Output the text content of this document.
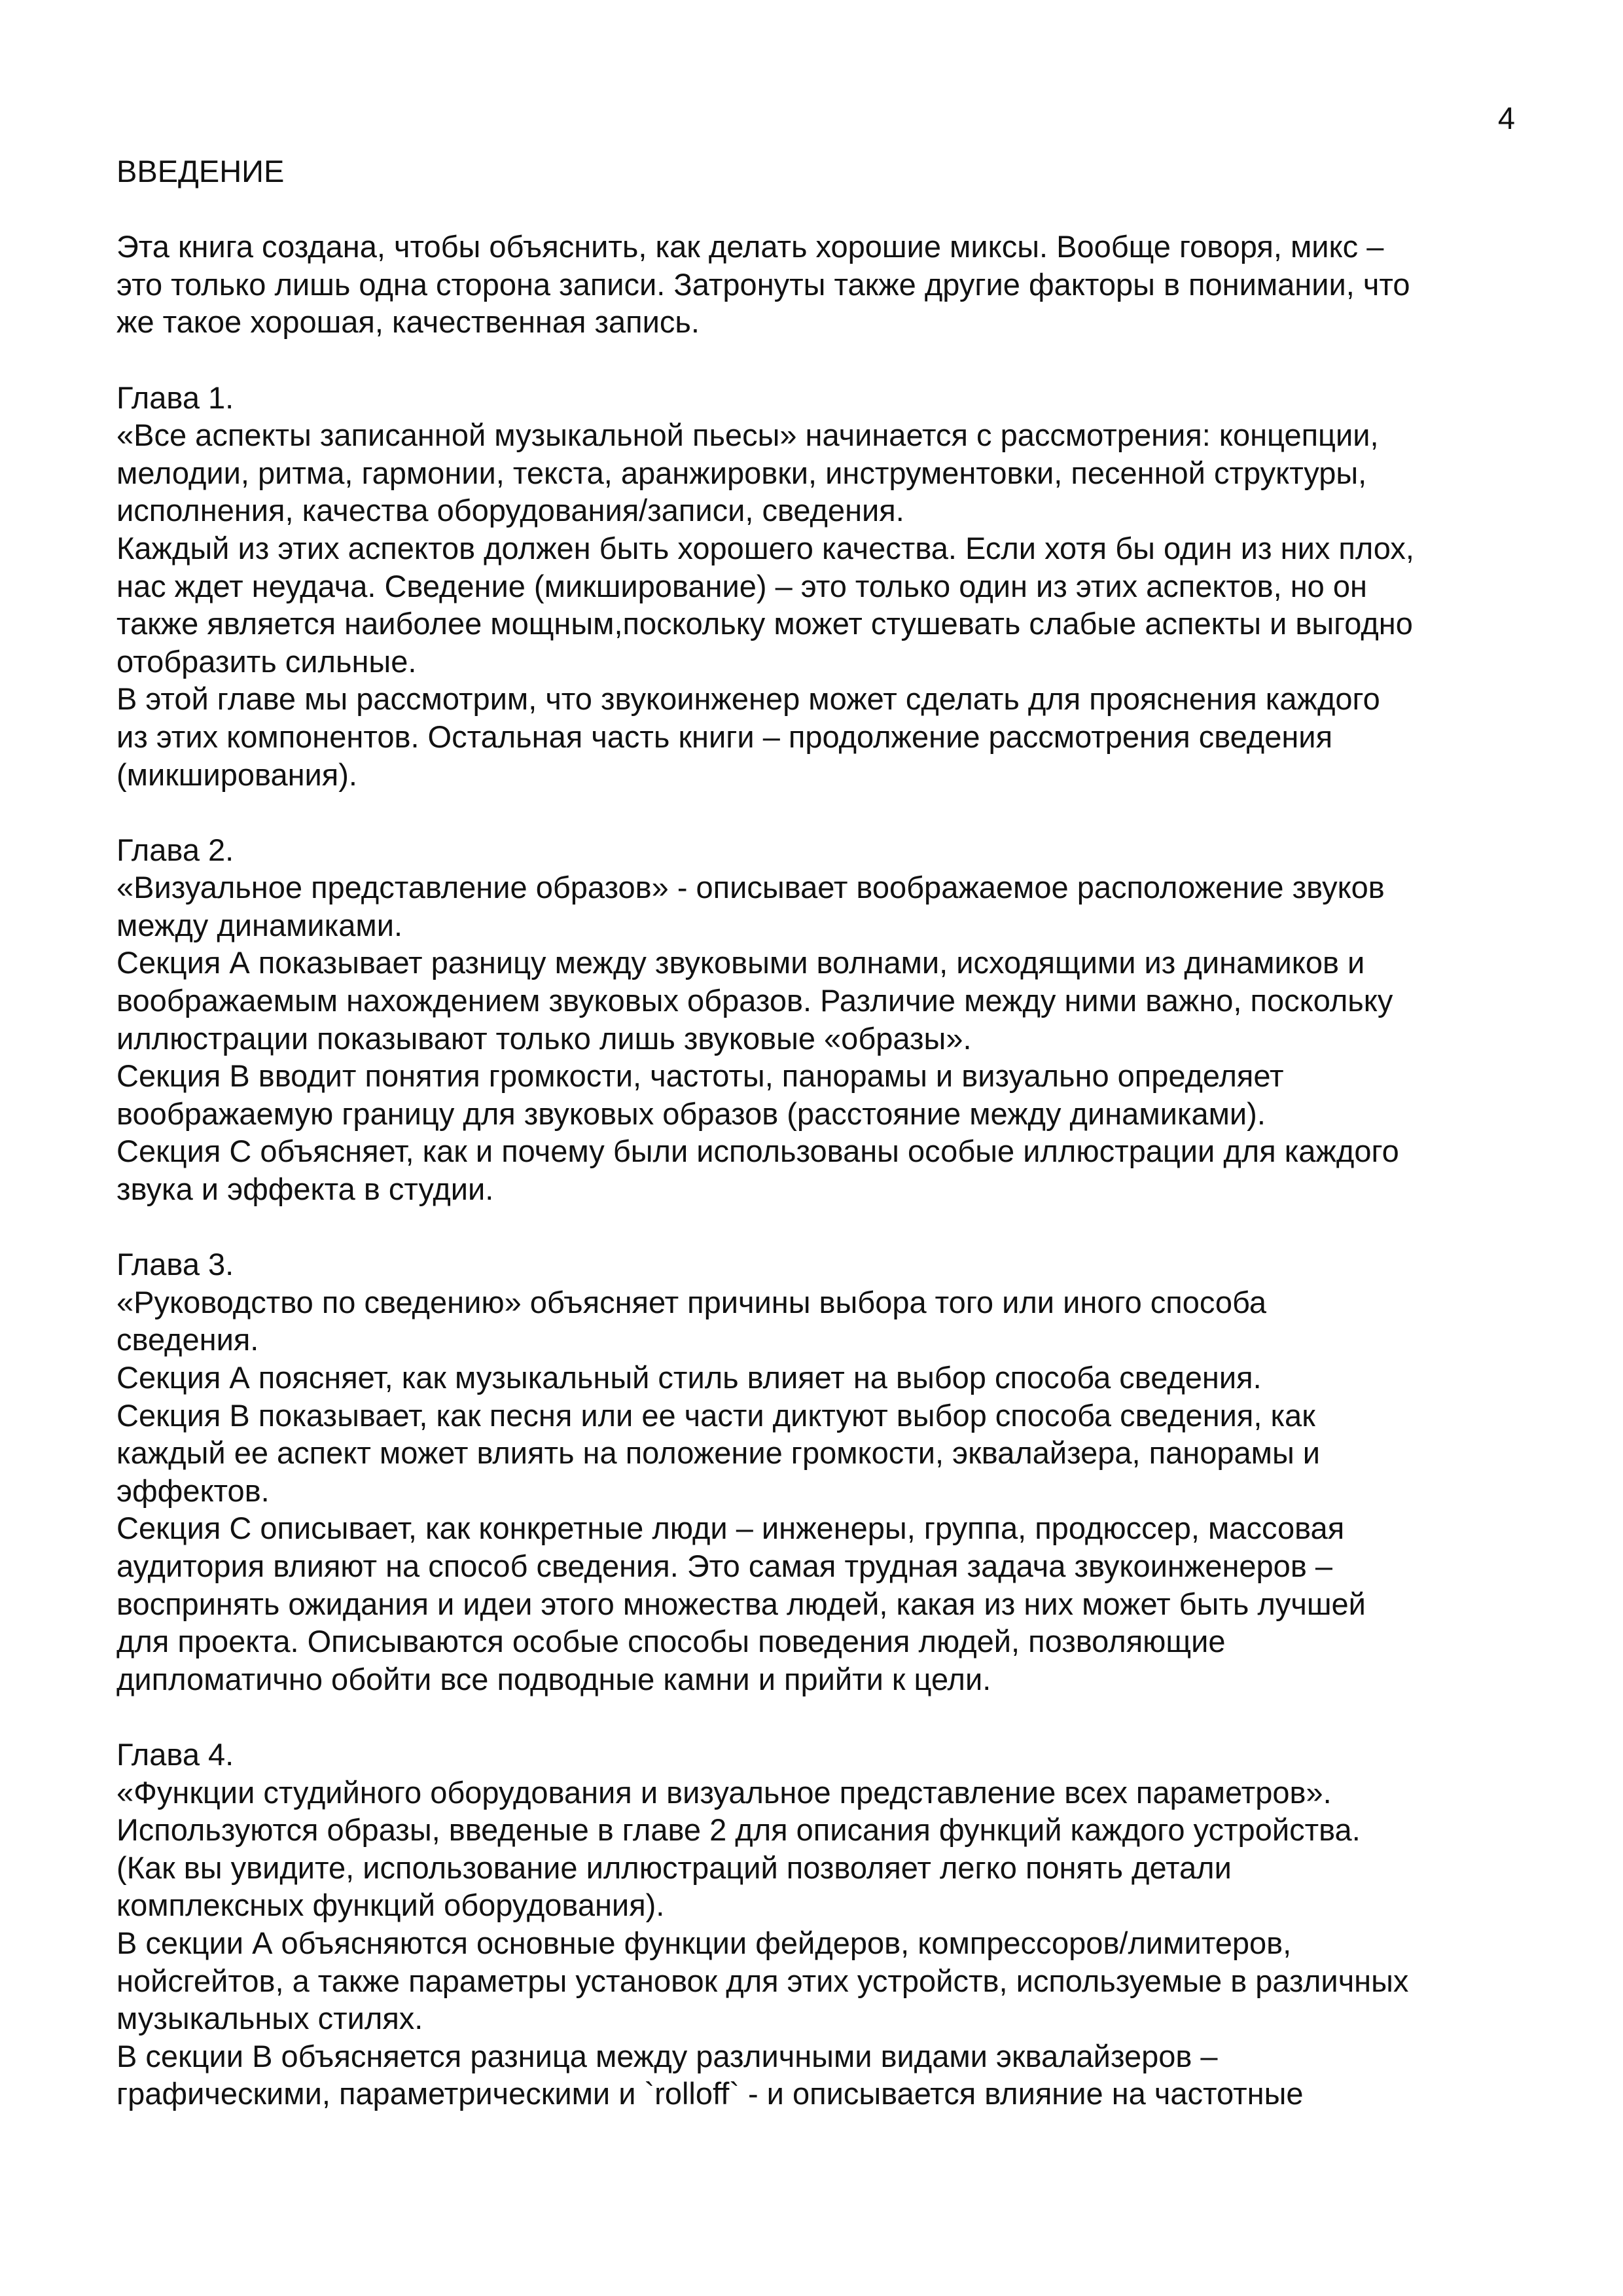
4
ВВЕДЕНИЕ
Эта книга создана, чтобы объяснить, как делать хорошие миксы. Вообще говоря, микс –
это только лишь одна сторона записи. Затронуты также другие факторы в понимании, что
же такое хорошая, качественная запись.
Глава 1.
«Все аспекты записанной музыкальной пьесы» начинается с рассмотрения: концепции,
мелодии, ритма, гармонии, текста, аранжировки, инструментовки, песенной структуры,
исполнения, качества оборудования/записи, сведения.
Каждый из этих аспектов должен быть хорошего качества. Если хотя бы один из них плох,
нас ждет неудача. Сведение (микширование) – это только один из этих аспектов, но он
также является наиболее мощным,поскольку может стушевать слабые аспекты и выгодно
отобразить сильные.
В этой главе мы рассмотрим, что звукоинженер может сделать для прояснения каждого
из этих компонентов. Остальная часть книги – продолжение рассмотрения сведения
(микширования).
Глава 2.
«Визуальное представление образов» - описывает воображаемое расположение звуков
между динамиками.
Секция А показывает разницу между звуковыми волнами, исходящими из динамиков и
воображаемым нахождением звуковых образов. Различие между ними важно, поскольку
иллюстрации показывают только лишь звуковые «образы».
Секция В вводит понятия громкости, частоты, панорамы и визуально определяет
воображаемую границу для звуковых образов (расстояние между динамиками).
Секция С объясняет, как и почему были использованы особые иллюстрации для каждого
звука и эффекта в студии.
Глава 3.
«Руководство по сведению» объясняет причины выбора того или иного способа
сведения.
Секция А поясняет, как музыкальный стиль влияет на выбор способа сведения.
Секция В показывает, как песня или ее части диктуют выбор способа сведения, как
каждый ее аспект может влиять на положение громкости, эквалайзера, панорамы и
эффектов.
Секция С описывает, как конкретные люди – инженеры, группа, продюссер, массовая
аудитория влияют на способ сведения. Это самая трудная задача звукоинженеров –
воспринять ожидания и идеи этого множества людей, какая из них может быть лучшей
для проекта. Описываются особые способы поведения людей, позволяющие
дипломатично обойти все подводные камни и прийти к цели.
Глава 4.
«Функции студийного оборудования и визуальное представление всех параметров».
Используются образы, введеные в главе 2 для описания функций каждого устройства.
(Как вы увидите, использование иллюстраций позволяет легко понять детали
комплексных функций оборудования).
В секции А объясняются основные функции фейдеров, компрессоров/лимитеров,
нойсгейтов, а также параметры установок для этих устройств, используемые в различных
музыкальных стилях.
В секции В объясняется разница между различными видами эквалайзеров –
графическими, параметрическими и `rolloff` - и описывается влияние на частотные
